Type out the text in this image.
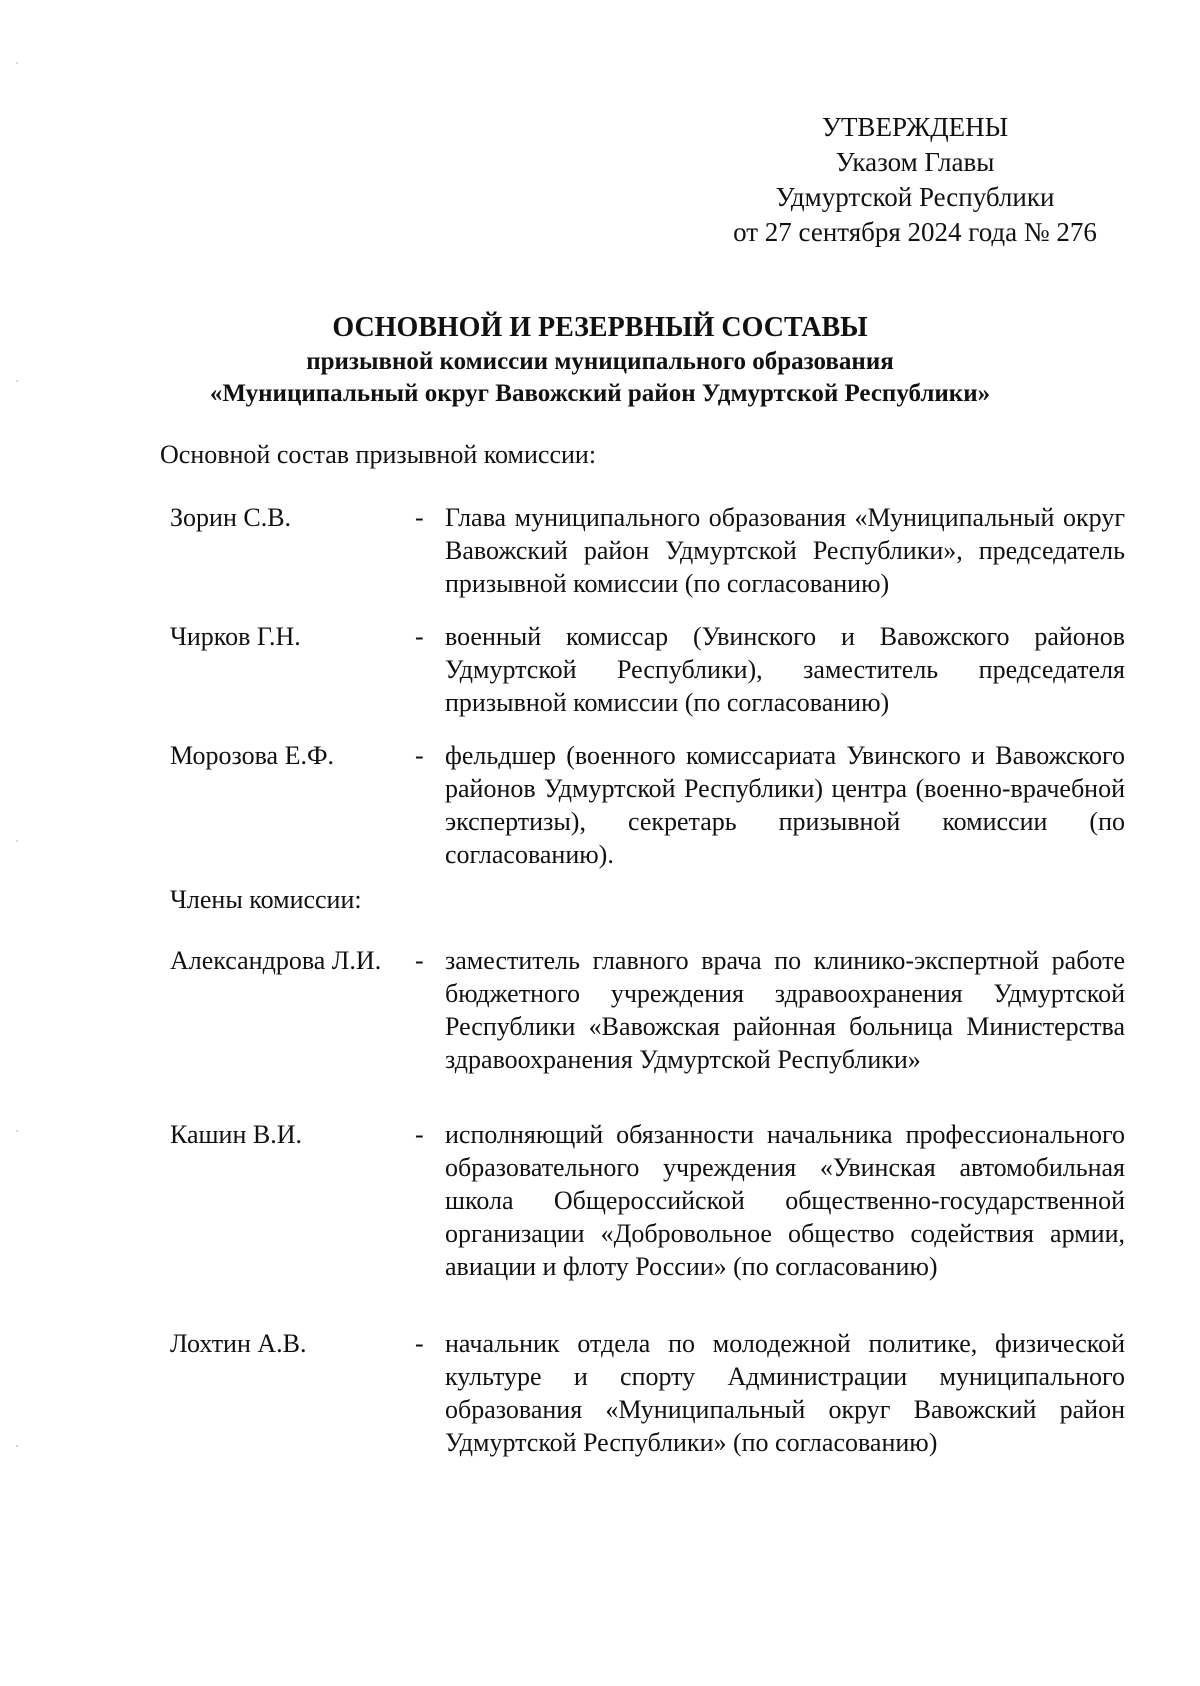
УТВЕРЖДЕНЫ
Указом Главы
Удмуртской Республики
от 27 сентября 2024 года № 276
ОСНОВНОЙ И РЕЗЕРВНЫЙ СОСТАВЫ
призывной комиссии муниципального образования
«Муниципальный округ Вавожский район Удмуртской Республики»
Основной состав призывной комиссии:
Зорин С.В.	- Глава муниципального образования «Муниципальный округ Вавожский район Удмуртской Республики», председатель призывной комиссии (по согласованию)
Чирков Г.Н.	- военный комиссар (Увинского и Вавожского районов Удмуртской Республики), заместитель председателя призывной комиссии (по согласованию)
Морозова Е.Ф.	- фельдшер (военного комиссариата Увинского и Вавожского районов Удмуртской Республики) центра (военно-врачебной экспертизы), секретарь призывной комиссии (по согласованию).
Члены комиссии:
Александрова Л.И. - заместитель главного врача по клинико-экспертной работе бюджетного учреждения здравоохранения Удмуртской Республики «Вавожская районная больница Министерства здравоохранения Удмуртской Республики»
Кашин В.И.	- исполняющий обязанности начальника профессионального образовательного учреждения «Увинская автомобильная школа Общероссийской общественно-государственной организации «Добровольное общество содействия армии, авиации и флоту России» (по согласованию)
Лохтин А.В.	- начальник отдела по молодежной политике, физической культуре и спорту Администрации муниципального образования «Муниципальный округ Вавожский район Удмуртской Республики» (по согласованию)
